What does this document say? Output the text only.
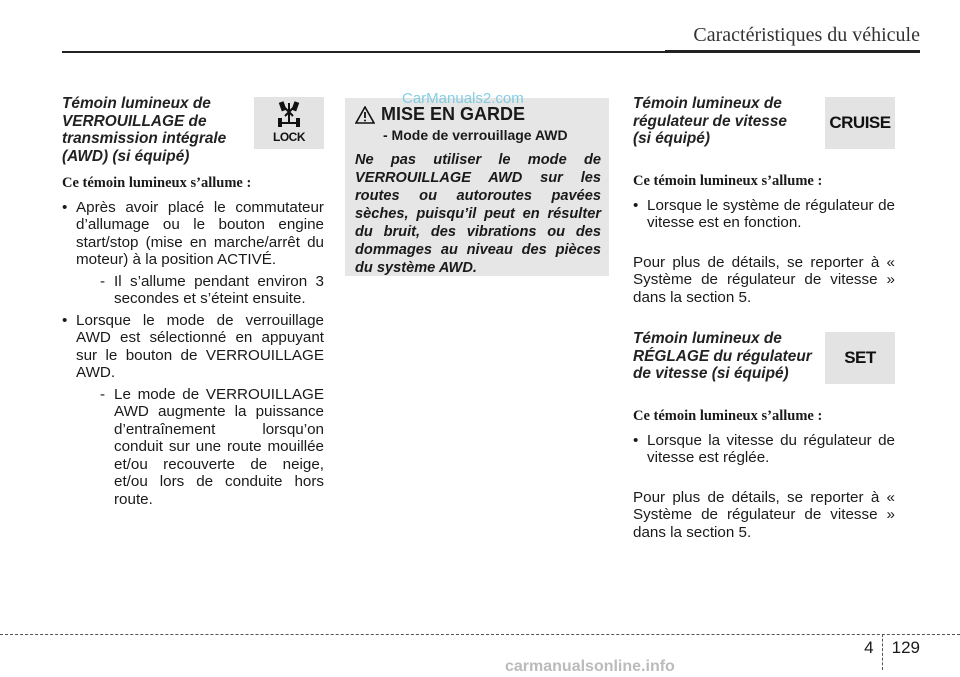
Caractéristiques du véhicule
Témoin lumineux de
VERROUILLAGE de
transmission intégrale
(AWD) (si équipé)
LOCK
Ce témoin lumineux s’allume :
• Après avoir placé le commutateur d’allumage ou le bouton engine start/stop (mise en marche/arrêt du moteur) à la position ACTIVÉ.
- Il s’allume pendant environ 3 secondes et s’éteint ensuite.
• Lorsque le mode de verrouillage AWD est sélectionné en appuyant sur le bouton de VERROUILLAGE AWD.
- Le mode de VERROUILLAGE AWD augmente la puissance d’entraînement lorsqu’on conduit sur une route mouillée et/ou recouverte de neige, et/ou lors de conduite hors route.
MISE EN GARDE
- Mode de verrouillage AWD
Ne pas utiliser le mode de VERROUILLAGE AWD sur les routes ou autoroutes pavées sèches, puisqu’il peut en résulter du bruit, des vibrations ou des dommages au niveau des pièces du système AWD.
CarManuals2.com	Témoin lumineux de
régulateur de vitesse
(si équipé)
CRUISE
Ce témoin lumineux s’allume :
• Lorsque le système de régulateur de vitesse est en fonction.
Pour plus de détails, se reporter à « Système de régulateur de vitesse » dans la section 5.
Témoin lumineux de
RÉGLAGE du régulateur
de vitesse (si équipé)
SET
Ce témoin lumineux s’allume :
• Lorsque la vitesse du régulateur de vitesse est réglée.
Pour plus de détails, se reporter à « Système de régulateur de vitesse » dans la section 5.
4 129
carmanualsonline.info
